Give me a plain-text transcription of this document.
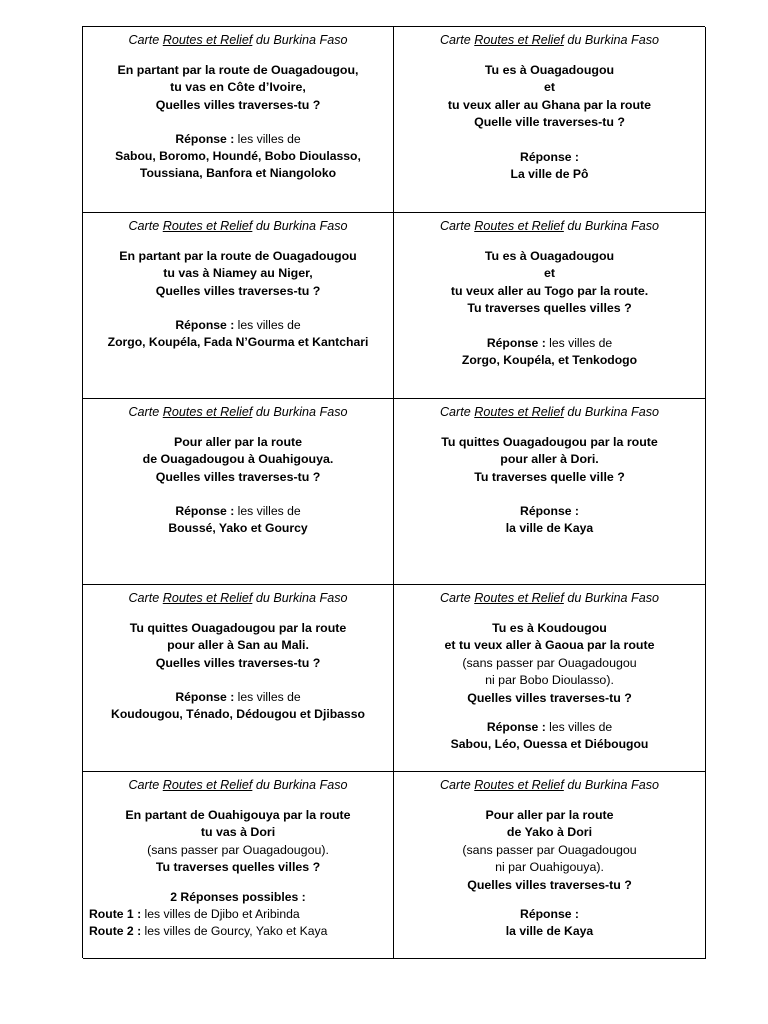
Carte Routes et Relief du Burkina Faso
En partant par la route de Ouagadougou,
tu vas en Côte d’Ivoire,
Quelles villes traverses-tu ?
Réponse : les villes de
Sabou, Boromo, Houndé, Bobo Dioulasso,
Toussiana, Banfora et Niangoloko
Carte Routes et Relief du Burkina Faso
Tu es à Ouagadougou
et
tu veux aller au Ghana par la route
Quelle ville traverses-tu ?
Réponse :
La ville de Pô
Carte Routes et Relief du Burkina Faso
En partant par la route de Ouagadougou
tu vas à Niamey au Niger,
Quelles villes traverses-tu ?
Réponse : les villes de
Zorgo, Koupéla, Fada N’Gourma et Kantchari
Carte Routes et Relief du Burkina Faso
Tu es à Ouagadougou
et
tu veux aller au Togo par la route.
Tu traverses quelles villes ?
Réponse : les villes de
Zorgo, Koupéla, et Tenkodogo
Carte Routes et Relief du Burkina Faso
Pour aller par la route
de Ouagadougou à Ouahigouya.
Quelles villes traverses-tu ?
Réponse : les villes de
Boussé, Yako et Gourcy
Carte Routes et Relief du Burkina Faso
Tu quittes Ouagadougou par la route
pour aller à Dori.
Tu traverses quelle ville ?
Réponse :
la ville de Kaya
Carte Routes et Relief du Burkina Faso
Tu quittes Ouagadougou par la route
pour aller à San au Mali.
Quelles villes traverses-tu ?
Réponse : les villes de
Koudougou, Ténado, Dédougou et Djibasso
Carte Routes et Relief du Burkina Faso
Tu es à Koudougou
et tu veux aller à Gaoua par la route
(sans passer par Ouagadougou
ni par Bobo Dioulasso).
Quelles villes traverses-tu ?
Réponse : les villes de
Sabou, Léo, Ouessa et Diébougou
Carte Routes et Relief du Burkina Faso
En partant de Ouahigouya par la route
tu vas à Dori
(sans passer par Ouagadougou).
Tu traverses quelles villes ?
2 Réponses possibles :
Route 1 : les villes de Djibo et Aribinda
Route 2 : les villes de Gourcy, Yako et Kaya
Carte Routes et Relief du Burkina Faso
Pour aller par la route
de Yako à Dori
(sans passer par Ouagadougou
ni par Ouahigouya).
Quelles villes traverses-tu ?
Réponse :
la ville de Kaya
